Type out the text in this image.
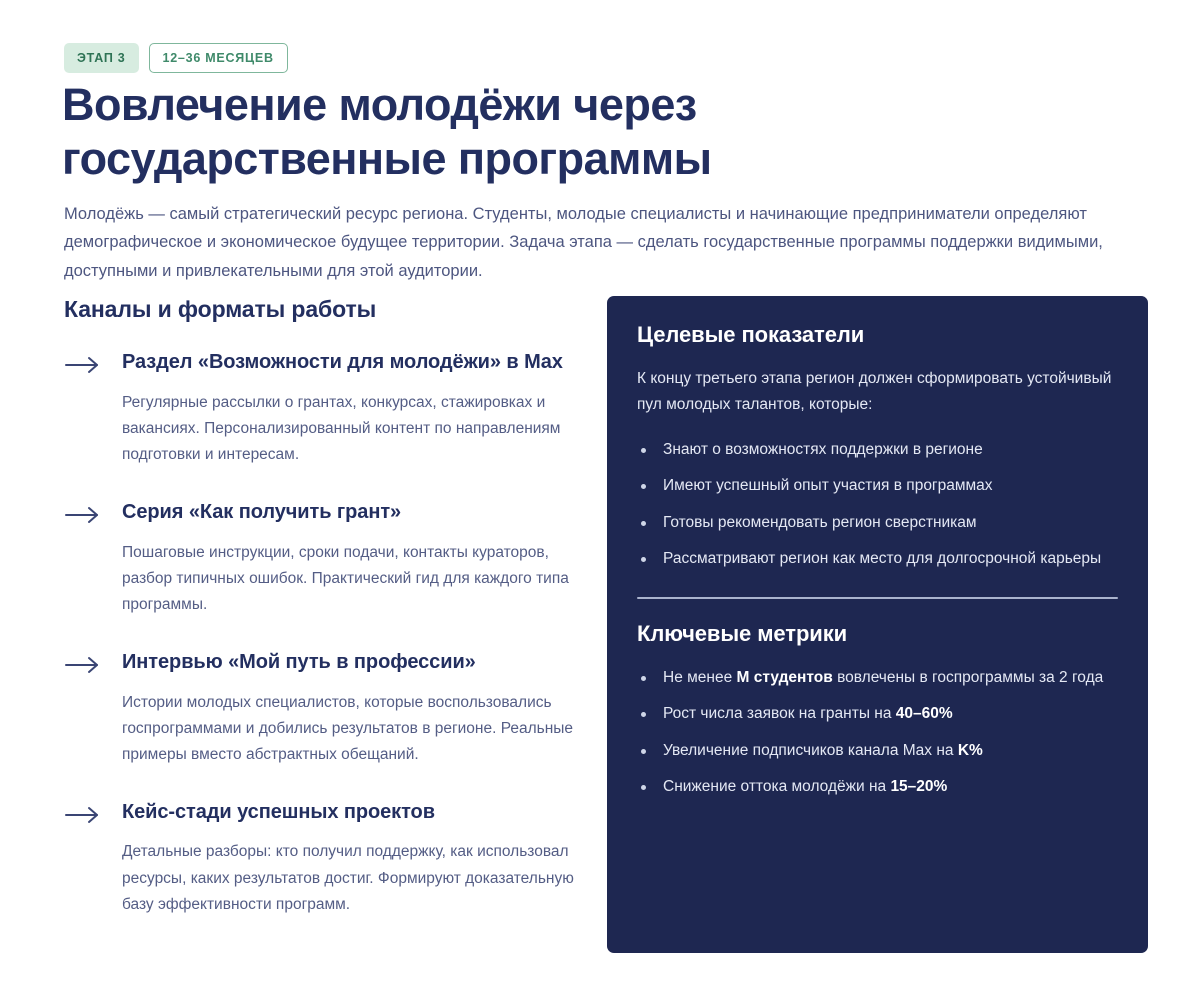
ЭТАП 3	12–36 МЕСЯЦЕВ
Вовлечение молодёжи через государственные программы

Молодёжь — самый стратегический ресурс региона. Студенты, молодые специалисты и начинающие предприниматели определяют демографическое и экономическое будущее территории. Задача этапа — сделать государственные программы поддержки видимыми, доступными и привлекательными для этой аудитории.

Каналы и форматы работы
Раздел «Возможности для молодёжи» в Max

Регулярные рассылки о грантах, конкурсах, стажировках и вакансиях. Персонализированный контент по направлениям подготовки и интересам.

Серия «Как получить грант»

Пошаговые инструкции, сроки подачи, контакты кураторов, разбор типичных ошибок. Практический гид для каждого типа программы.

Интервью «Мой путь в профессии»

Истории молодых специалистов, которые воспользовались госпрограммами и добились результатов в регионе. Реальные примеры вместо абстрактных обещаний.

Кейс-стади успешных проектов

Детальные разборы: кто получил поддержку, как использовал ресурсы, каких результатов достиг. Формируют доказательную базу эффективности программ.

Целевые показатели

К концу третьего этапа регион должен сформировать устойчивый пул молодых талантов, которые:

Знают о возможностях поддержки в регионе
Имеют успешный опыт участия в программах
Готовы рекомендовать регион сверстникам
Рассматривают регион как место для долгосрочной карьеры
Ключевые метрики
Не менее M студентов вовлечены в госпрограммы за 2 года
Рост числа заявок на гранты на 40–60%
Увеличение подписчиков канала Max на K%
Снижение оттока молодёжи на 15–20%
